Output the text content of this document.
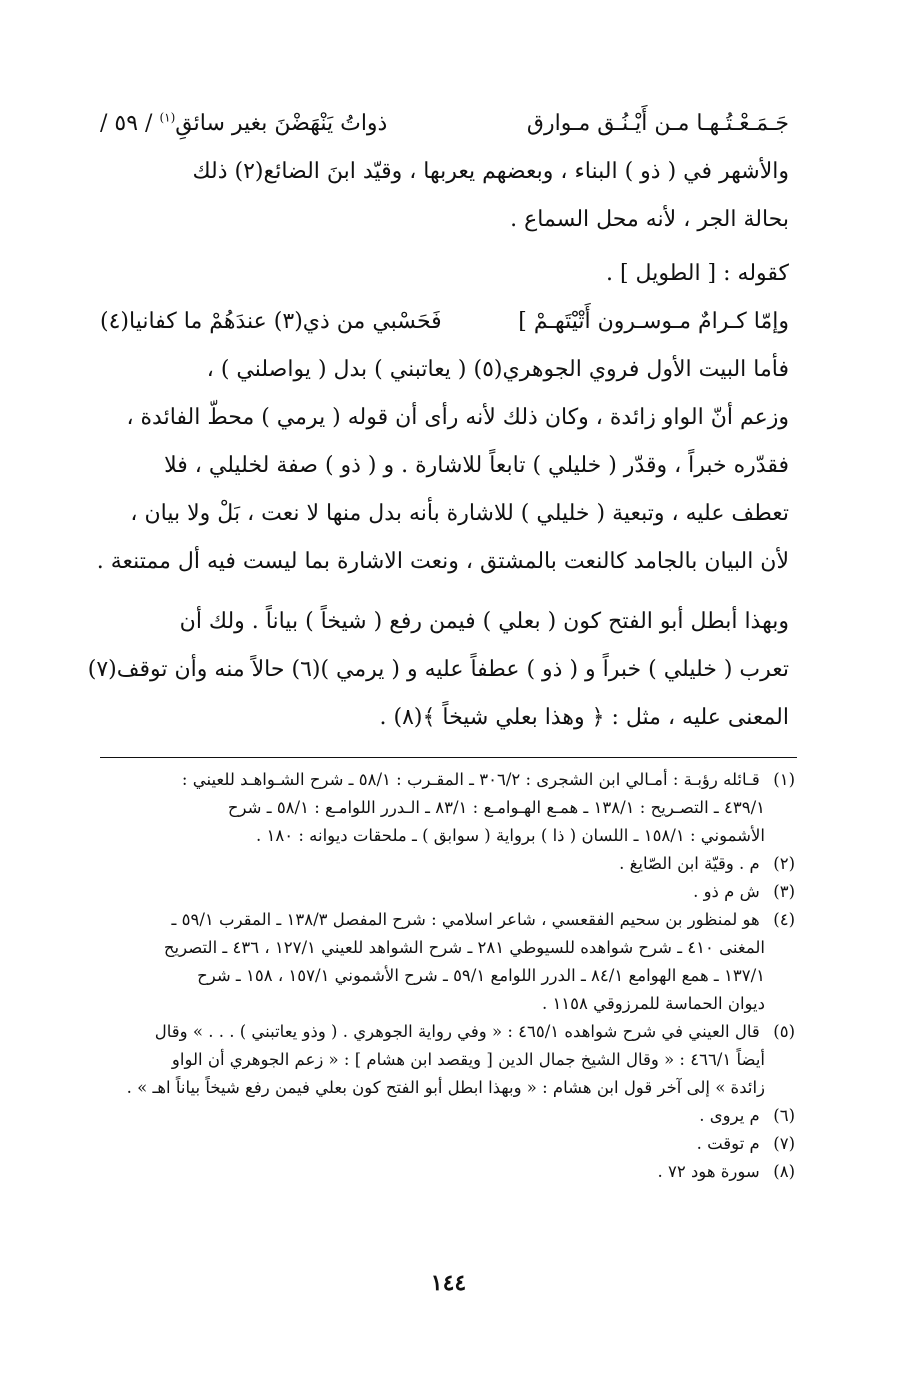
جَـمَـعْـتُـهـا مـن أَيْـنُـق مـوارق
ذواتُ يَنْهَضْنَ بغير سائقِ$^{(١)}$ / ٥٩ /
والأشهر في ( ذو ) البناء ، وبعضهم يعربها ، وقيّد ابنَ الضائع(٢) ذلك
بحالة الجر ، لأنه محل السماع .
كقوله : [ الطويل ] .
وإمّا كـرامٌ مـوسـرون أَتْيْتَهـمْ ]
فَحَسْبي من ذي(٣) عندَهُمْ ما كفانيا(٤)
فأما البيت الأول فروي الجوهري(٥) ( يعاتبني ) بدل ( يواصلني ) ،
وزعم أنّ الواو زائدة ، وكان ذلك لأنه رأى أن قوله ( يرمي ) محطّ الفائدة ،
فقدّره خبراً ، وقدّر ( خليلي ) تابعاً للاشارة . و ( ذو ) صفة لخليلي ، فلا
تعطف عليه ، وتبعية ( خليلي ) للاشارة بأنه بدل منها لا نعت ، بَلْ ولا بيان ،
لأن البيان بالجامد كالنعت بالمشتق ، ونعت الاشارة بما ليست فيه أل ممتنعة .
وبهذا أبطل أبو الفتح كون ( بعلي ) فيمن رفع ( شيخاً ) بياناً . ولك أن
تعرب ( خليلي ) خبراً و ( ذو ) عطفاً عليه و ( يرمي )(٦) حالاً منه وأن توقف(٧)
المعنى عليه ، مثل : ﴿ وهذا بعلي شيخاً ﴾(٨) .
(١) قـائله رؤبـة : أمـالي ابن الشجرى : ٣٠٦/٢ ـ المقـرب : ٥٨/١ ـ شرح الشـواهـد للعيني :
٤٣٩/١ ـ التصـريح : ١٣٨/١ ـ همـع الهـوامـع : ٨٣/١ ـ الـدرر اللوامـع : ٥٨/١ ـ شرح
الأشموني : ١٥٨/١ ـ اللسان ( ذا ) برواية ( سوابق ) ـ ملحقات ديوانه : ١٨٠ .
(٢) م . وقيّة ابن الصّايغ .
(٣) ش م ذو .
(٤) هو لمنظور بن سحيم الفقعسي ، شاعر اسلامي : شرح المفصل ١٣٨/٣ ـ المقرب ٥٩/١ ـ
المغنى ٤١٠ ـ شرح شواهده للسيوطي ٢٨١ ـ شرح الشواهد للعيني ١٢٧/١ ، ٤٣٦ ـ التصريح
١٣٧/١ ـ همع الهوامع ٨٤/١ ـ الدرر اللوامع ٥٩/١ ـ شرح الأشموني ١٥٧/١ ، ١٥٨ ـ شرح
ديوان الحماسة للمرزوقي ١١٥٨ .
(٥) قال العيني في شرح شواهده ٤٦٥/١ : « وفي رواية الجوهري . ( وذو يعاتبني ) . . . » وقال
أيضاً ٤٦٦/١ : « وقال الشيخ جمال الدين [ ويقصد ابن هشام ] : « زعم الجوهري أن الواو
زائدة » إلى آخر قول ابن هشام : « وبهذا ابطل أبو الفتح كون بعلي فيمن رفع شيخاً بياناً اهـ » .
(٦) م يروى .
(٧) م توقت .
(٨) سورة هود ٧٢ .
١٤٤
